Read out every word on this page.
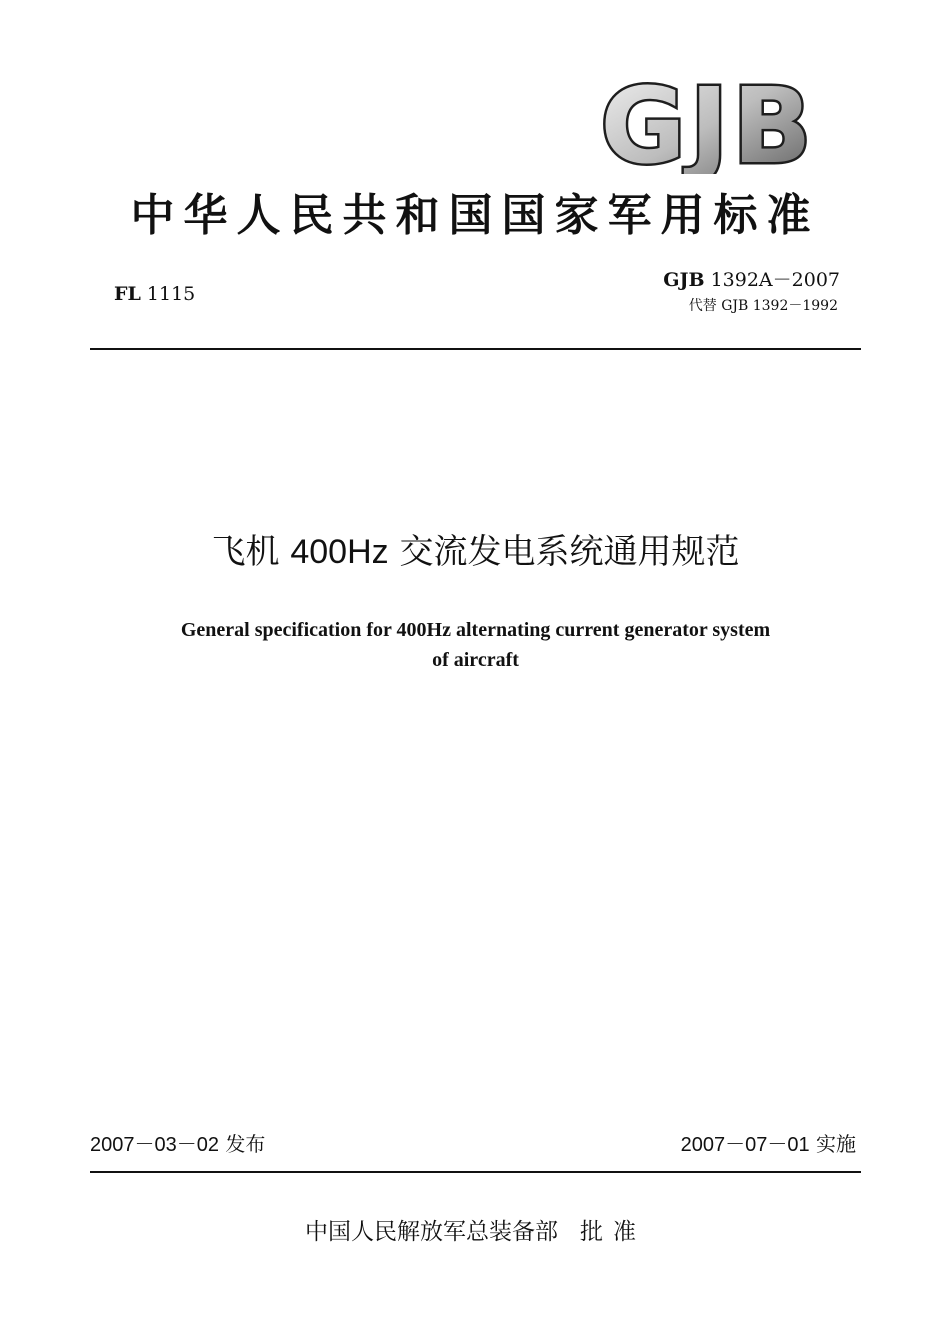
GJB
中华人民共和国国家军用标准
FL 1115
GJB 1392A－2007
代替 GJB 1392－1992
飞机 400Hz 交流发电系统通用规范
General specification for 400Hz alternating current generator system
of aircraft
2007－03－02 发布	2007－07－01 实施
中国人民解放军总装备部 批准
